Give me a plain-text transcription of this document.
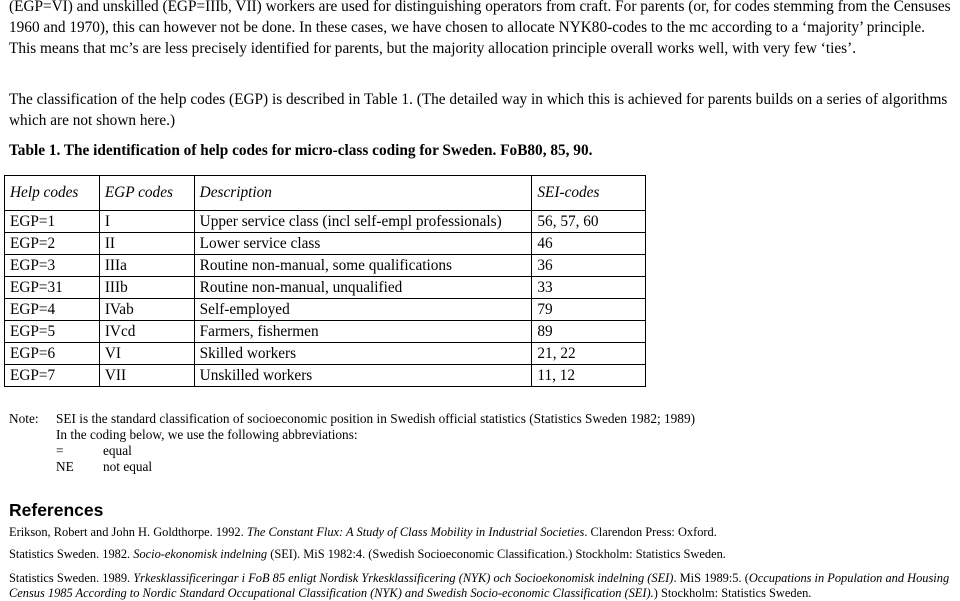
(EGP=VI) and unskilled (EGP=IIIb, VII) workers are used for distinguishing operators from craft. For parents (or, for codes stemming from the Censuses 1960 and 1970), this can however not be done. In these cases, we have chosen to allocate NYK80-codes to the mc according to a ‘majority’ principle. This means that mc’s are less precisely identified for parents, but the majority allocation principle overall works well, with very few ‘ties’.
The classification of the help codes (EGP) is described in Table 1. (The detailed way in which this is achieved for parents builds on a series of algorithms which are not shown here.)
Table 1. The identification of help codes for micro-class coding for Sweden. FoB80, 85, 90.
Help codes	EGP codes	Description	SEI-codes
EGP=1	I	Upper service class (incl self-empl professionals)	56, 57, 60
EGP=2	II	Lower service class	46
EGP=3	IIIa	Routine non-manual, some qualifications	36
EGP=31	IIIb	Routine non-manual, unqualified	33
EGP=4	IVab	Self-employed	79
EGP=5	IVcd	Farmers, fishermen	89
EGP=6	VI	Skilled workers	21, 22
EGP=7	VII	Unskilled workers	11, 12
Note: SEI is the standard classification of socioeconomic position in Swedish official statistics (Statistics Sweden 1982; 1989)
In the coding below, we use the following abbreviations:
=	equal
NE	not equal
References
Erikson, Robert and John H. Goldthorpe. 1992. The Constant Flux: A Study of Class Mobility in Industrial Societies. Clarendon Press: Oxford.
Statistics Sweden. 1982. Socio-ekonomisk indelning (SEI). MiS 1982:4. (Swedish Socioeconomic Classification.) Stockholm: Statistics Sweden.
Statistics Sweden. 1989. Yrkesklassificeringar i FoB 85 enligt Nordisk Yrkesklassificering (NYK) och Socioekonomisk indelning (SEI). MiS 1989:5. (Occupations in Population and Housing Census 1985 According to Nordic Standard Occupational Classification (NYK) and Swedish Socio-economic Classification (SEI).) Stockholm: Statistics Sweden.
